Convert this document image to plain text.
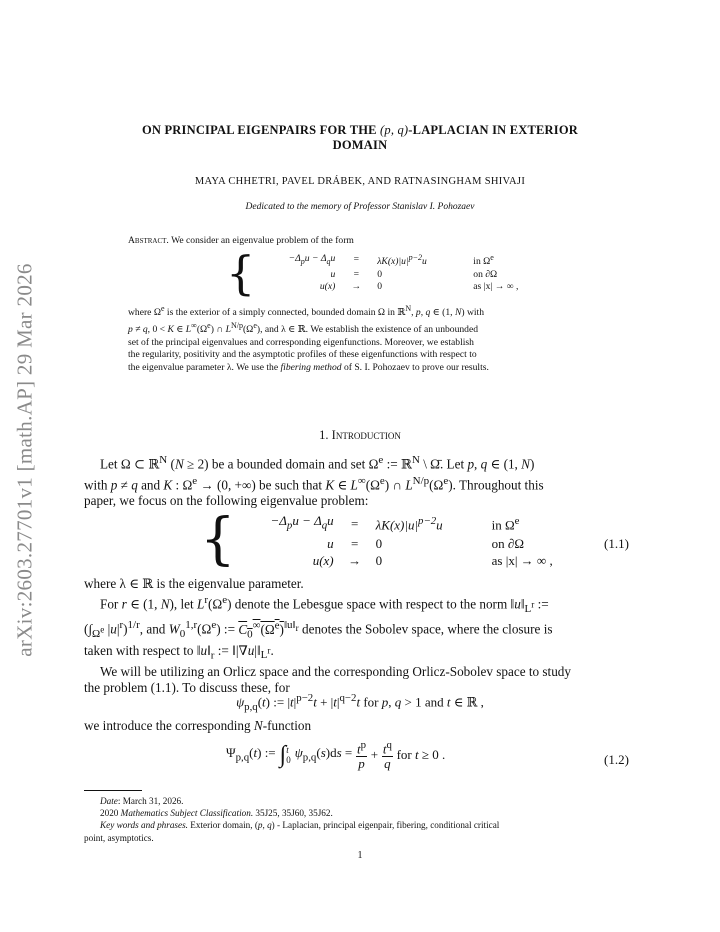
arXiv:2603.27701v1 [math.AP] 29 Mar 2026
ON PRINCIPAL EIGENPAIRS FOR THE (p, q)-LAPLACIAN IN EXTERIOR
DOMAIN
MAYA CHHETRI, PAVEL DRÁBEK, AND RATNASINGHAM SHIVAJI
Dedicated to the memory of Professor Stanislav I. Pohozaev
Abstract. We consider an eigenvalue problem of the form
{	$-\Delta_pu - \Delta_qu$	=	$\lambda K(x)|u|^{p-2}u$	in $\Omega^e$
u	=	0	on ∂Ω
u(x)	→	0	as |x| → ∞ ,
where $\Omega^e$ is the exterior of a simply connected, bounded domain Ω in ℝ$^N$, p, q ∈ (1, N) with
p ≠ q, 0 < K ∈ $L^\infty(\Omega^e)$ ∩ $L^{N/p}(\Omega^e)$, and λ ∈ ℝ. We establish the existence of an unbounded
set of the principal eigenvalues and corresponding eigenfunctions. Moreover, we establish
the regularity, positivity and the asymptotic profiles of these eigenfunctions with respect to
the eigenvalue parameter λ. We use the fibering method of S. I. Pohozaev to prove our results.
1. Introduction
Let Ω ⊂ ℝ$^N$ (N ≥ 2) be a bounded domain and set $\Omega^e$ := ℝ$^N$ \ Ω̄. Let p, q ∈ (1, N)
with p ≠ q and K : $\Omega^e \to (0$, +∞) be such that K ∈ $L^\infty(\Omega^e)$ ∩ $L^{N/p}(\Omega^e)$. Throughout this
paper, we focus on the following eigenvalue problem:
{	$-\Delta_pu - \Delta_qu$	=	$\lambda K(x)|u|^{p-2}u$	in $\Omega^e$
u	=	0	on ∂Ω
u(x)	→	0	as |x| → ∞ ,
(1.1)
where λ ∈ ℝ is the eigenvalue parameter.
For r ∈ (1, N), let $L^r(\Omega^e)$ denote the Lebesgue space with respect to the norm $‖u‖_{L^r}$ :=
($\int_{\Omega^e}$ $|u|^r)^{1/r}$, and $W_0^{1,r}(\Omega^e)$ := $C_0^\infty(\Omega^e)^{‖u‖_r}$ denotes the Sobolev space, where the closure is
taken with respect to $‖u‖_r$ := $‖|\nabla u|‖_{L^r}$.
We will be utilizing an Orlicz space and the corresponding Orlicz-Sobolev space to study
the problem (1.1). To discuss these, for
$\psi_{p,q}(t)$ := $|t|^{p-2}t + |t|^{q-2}t$ for p, q > 1 and t ∈ ℝ ,
we introduce the corresponding N-function
$\Psi_{p,q}(t)$ := ∫ t
0 $\psi_{p,q}(s)ds = \frac{t^p}{p} + \frac{t^q}{q}$ for t ≥ 0 .	(1.2)
Date: March 31, 2026.
2020 Mathematics Subject Classification. 35J25, 35J60, 35J62.
Key words and phrases. Exterior domain, (p, q) - Laplacian, principal eigenpair, fibering, conditional critical
point, asymptotics.
1
